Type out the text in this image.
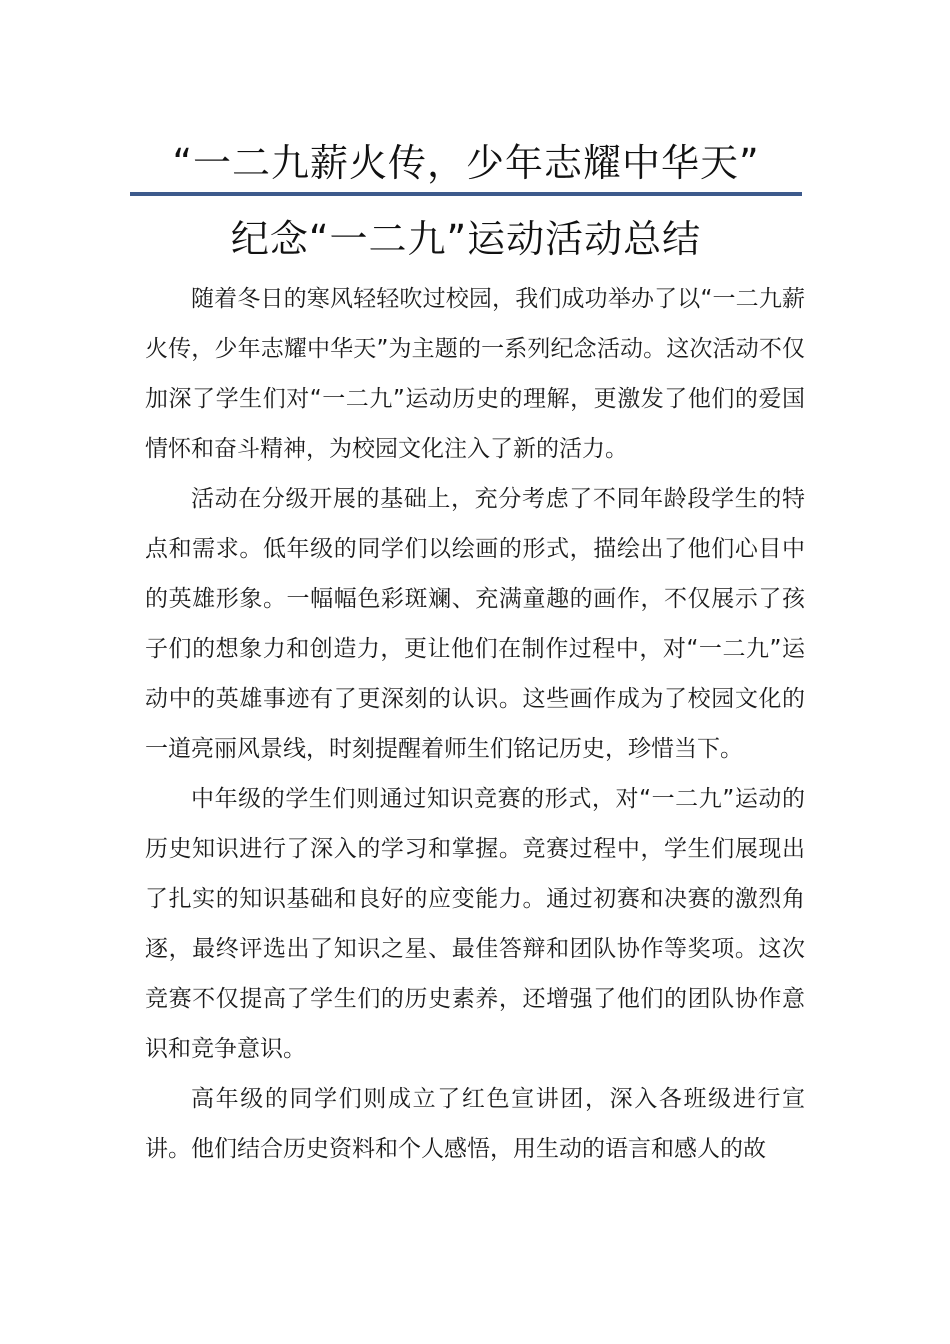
“一二九薪火传，少年志耀中华天”
纪念“一二九”运动活动总结

随着冬日的寒风轻轻吹过校园，我们成功举办了以“一二九薪火传，少年志耀中华天”为主题的一系列纪念活动。这次活动不仅加深了学生们对“一二九”运动历史的理解，更激发了他们的爱国情怀和奋斗精神，为校园文化注入了新的活力。

活动在分级开展的基础上，充分考虑了不同年龄段学生的特点和需求。低年级的同学们以绘画的形式，描绘出了他们心目中的英雄形象。一幅幅色彩斑斓、充满童趣的画作，不仅展示了孩子们的想象力和创造力，更让他们在制作过程中，对“一二九”运动中的英雄事迹有了更深刻的认识。这些画作成为了校园文化的一道亮丽风景线，时刻提醒着师生们铭记历史，珍惜当下。

中年级的学生们则通过知识竞赛的形式，对“一二九”运动的历史知识进行了深入的学习和掌握。竞赛过程中，学生们展现出了扎实的知识基础和良好的应变能力。通过初赛和决赛的激烈角逐，最终评选出了知识之星、最佳答辩和团队协作等奖项。这次竞赛不仅提高了学生们的历史素养，还增强了他们的团队协作意识和竞争意识。

高年级的同学们则成立了红色宣讲团，深入各班级进行宣讲。他们结合历史资料和个人感悟，用生动的语言和感人的故
